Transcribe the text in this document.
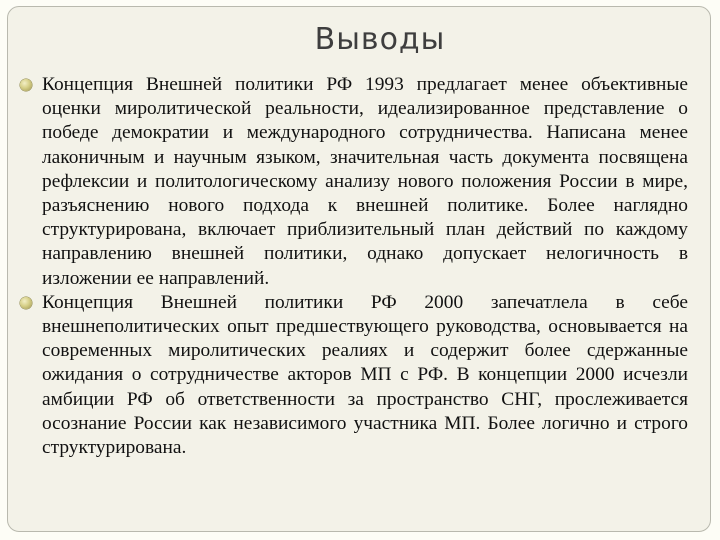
Выводы
Концепция Внешней политики РФ 1993 предлагает менее объективные оценки миролитической реальности, идеализированное представление о победе демократии и международного сотрудничества. Написана менее лаконичным и научным языком, значительная часть документа посвящена рефлексии и политологическому анализу нового положения России в мире, разъяснению нового подхода к внешней политике. Более наглядно структурирована, включает приблизительный план действий по каждому направлению внешней политики, однако допускает нелогичность в изложении ее направлений.
Концепция Внешней политики РФ 2000 запечатлела в себе внешнеполитических опыт предшествующего руководства, основывается на современных миролитических реалиях и содержит более сдержанные ожидания о сотрудничестве акторов МП с РФ. В концепции 2000 исчезли амбиции РФ об ответственности за пространство СНГ, прослеживается осознание России как независимого участника МП. Более логично и строго структурирована.
